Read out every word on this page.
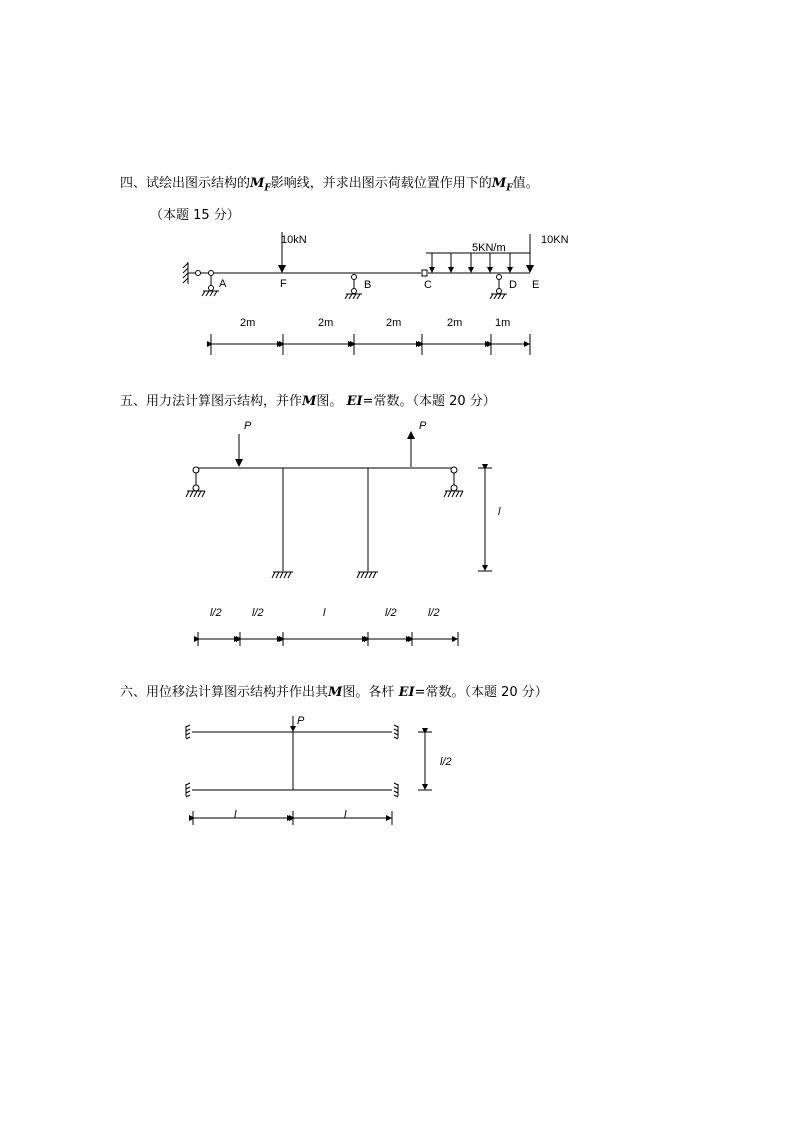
四、试绘出图示结构的$M_F$影响线，并求出图示荷载位置作用下的$M_F$值。
（本题 15 分）
五、用力法计算图示结构，并作M图。 EI=常数。（本题 20 分）
六、用位移法计算图示结构并作出其M图。各杆 EI=常数。（本题 20 分）
10kN
5KN/m
10KN
A	F	B	C	D E
2m	2m	2m	2m	1m
P	P
l
l/2	l/2	l	l/2	l/2
P
l/2
l	l
